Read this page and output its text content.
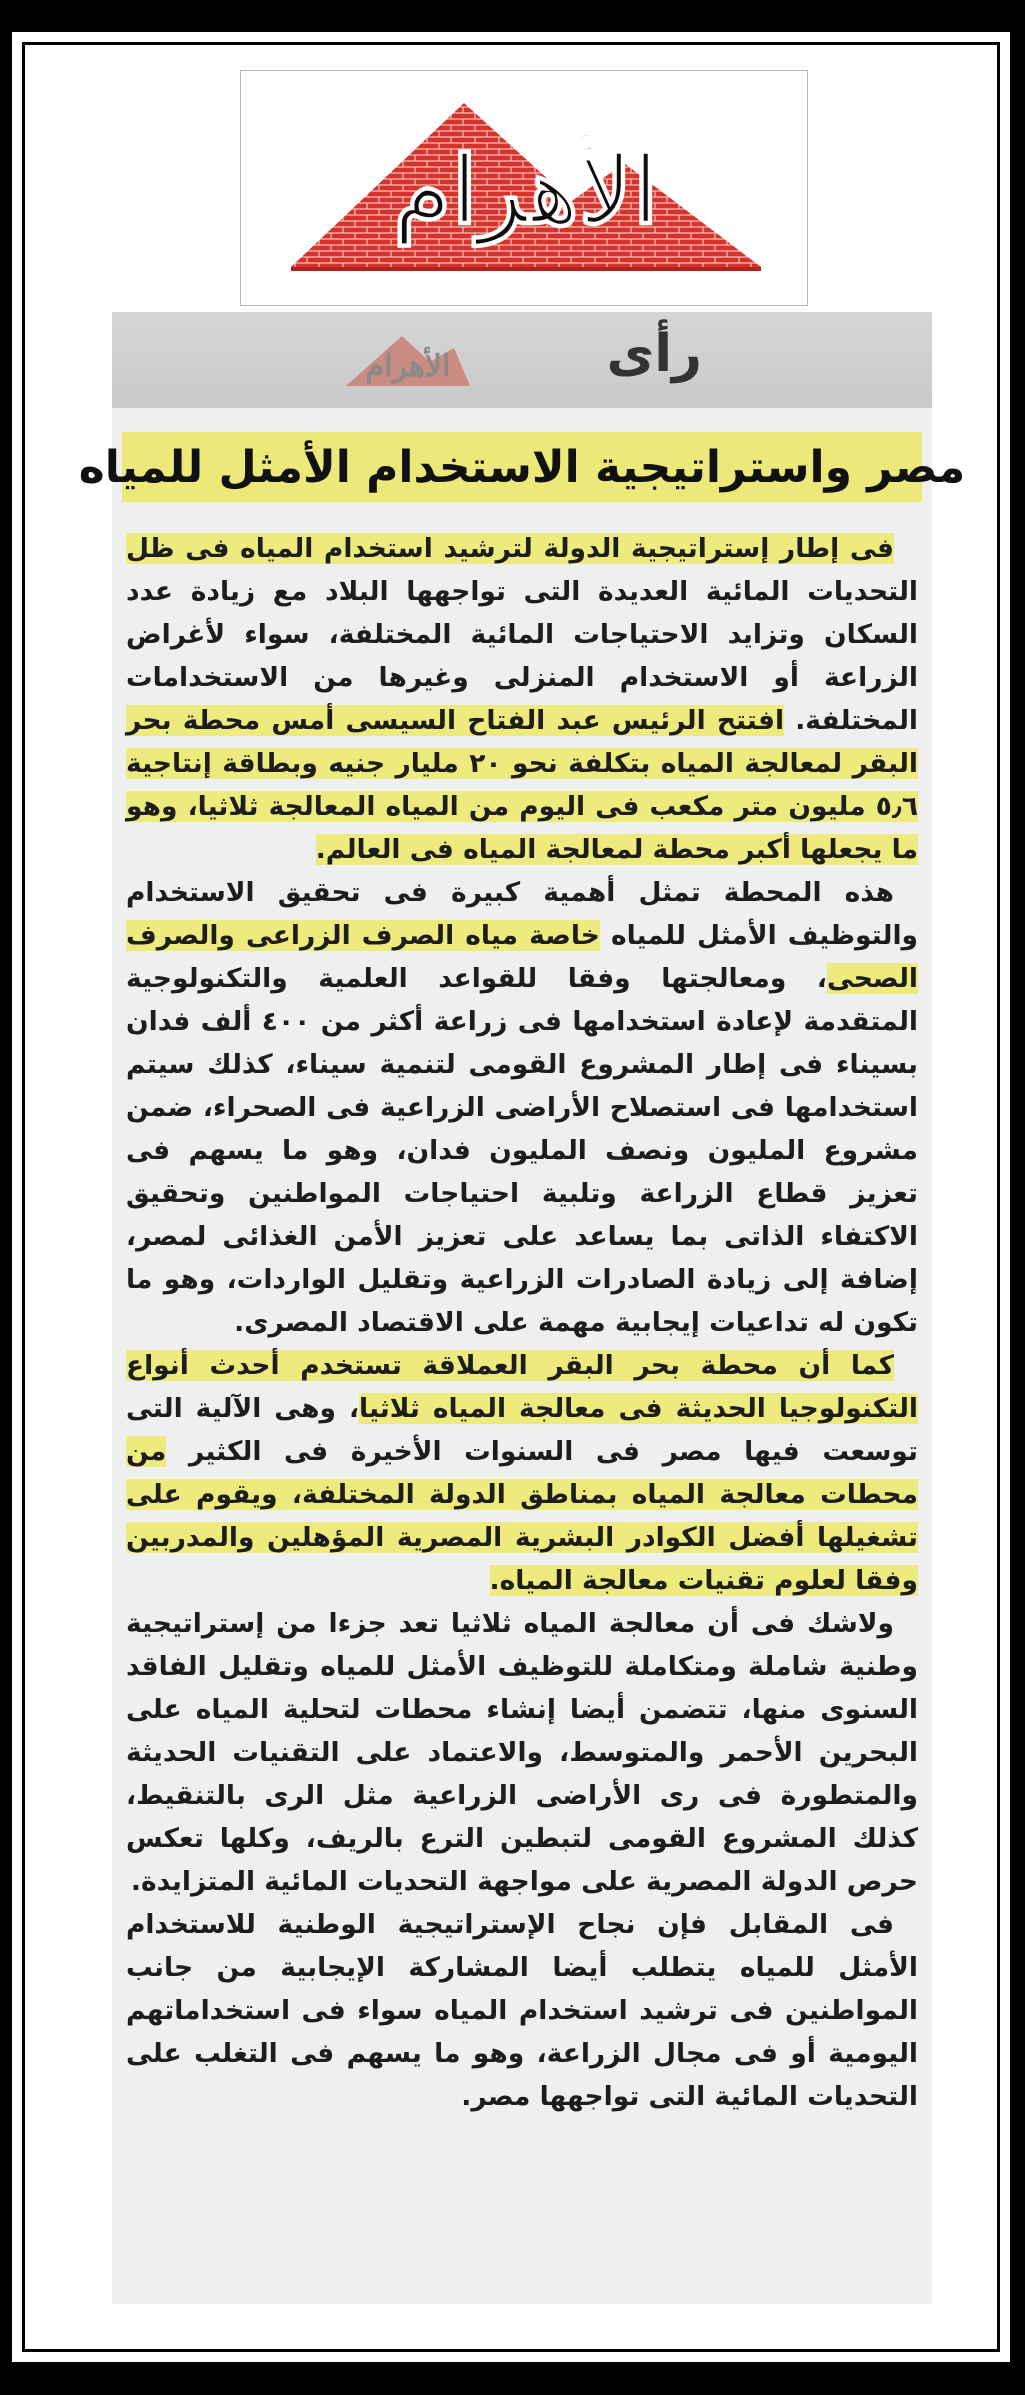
الأهرام
رأى
الأهرام
مصر واستراتيجية الاستخدام الأمثل للمياه

فى إطار إستراتيجية الدولة لترشيد استخدام المياه فى ظل التحديات المائية العديدة التى تواجهها البلاد مع زيادة عدد السكان وتزايد الاحتياجات المائية المختلفة، سواء لأغراض الزراعة أو الاستخدام المنزلى وغيرها من الاستخدامات المختلفة. افتتح الرئيس عبد الفتاح السيسى أمس محطة بحر البقر لمعالجة المياه بتكلفة نحو ٢٠ مليار جنيه وبطاقة إنتاجية ٥٫٦ مليون متر مكعب فى اليوم من المياه المعالجة ثلاثيا، وهو ما يجعلها أكبر محطة لمعالجة المياه فى العالم.

هذه المحطة تمثل أهمية كبيرة فى تحقيق الاستخدام والتوظيف الأمثل للمياه خاصة مياه الصرف الزراعى والصرف الصحى، ومعالجتها وفقا للقواعد العلمية والتكنولوجية المتقدمة لإعادة استخدامها فى زراعة أكثر من ٤٠٠ ألف فدان بسيناء فى إطار المشروع القومى لتنمية سيناء، كذلك سيتم استخدامها فى استصلاح الأراضى الزراعية فى الصحراء، ضمن مشروع المليون ونصف المليون فدان، وهو ما يسهم فى تعزيز قطاع الزراعة وتلبية احتياجات المواطنين وتحقيق الاكتفاء الذاتى بما يساعد على تعزيز الأمن الغذائى لمصر، إضافة إلى زيادة الصادرات الزراعية وتقليل الواردات، وهو ما تكون له تداعيات إيجابية مهمة على الاقتصاد المصرى.

كما أن محطة بحر البقر العملاقة تستخدم أحدث أنواع التكنولوجيا الحديثة فى معالجة المياه ثلاثيا، وهى الآلية التى توسعت فيها مصر فى السنوات الأخيرة فى الكثير من محطات معالجة المياه بمناطق الدولة المختلفة، ويقوم على تشغيلها أفضل الكوادر البشرية المصرية المؤهلين والمدربين وفقا لعلوم تقنيات معالجة المياه.

ولاشك فى أن معالجة المياه ثلاثيا تعد جزءا من إستراتيجية وطنية شاملة ومتكاملة للتوظيف الأمثل للمياه وتقليل الفاقد السنوى منها، تتضمن أيضا إنشاء محطات لتحلية المياه على البحرين الأحمر والمتوسط، والاعتماد على التقنيات الحديثة والمتطورة فى رى الأراضى الزراعية مثل الرى بالتنقيط، كذلك المشروع القومى لتبطين الترع بالريف، وكلها تعكس حرص الدولة المصرية على مواجهة التحديات المائية المتزايدة.

فى المقابل فإن نجاح الإستراتيجية الوطنية للاستخدام الأمثل للمياه يتطلب أيضا المشاركة الإيجابية من جانب المواطنين فى ترشيد استخدام المياه سواء فى استخداماتهم اليومية أو فى مجال الزراعة، وهو ما يسهم فى التغلب على التحديات المائية التى تواجهها مصر.
